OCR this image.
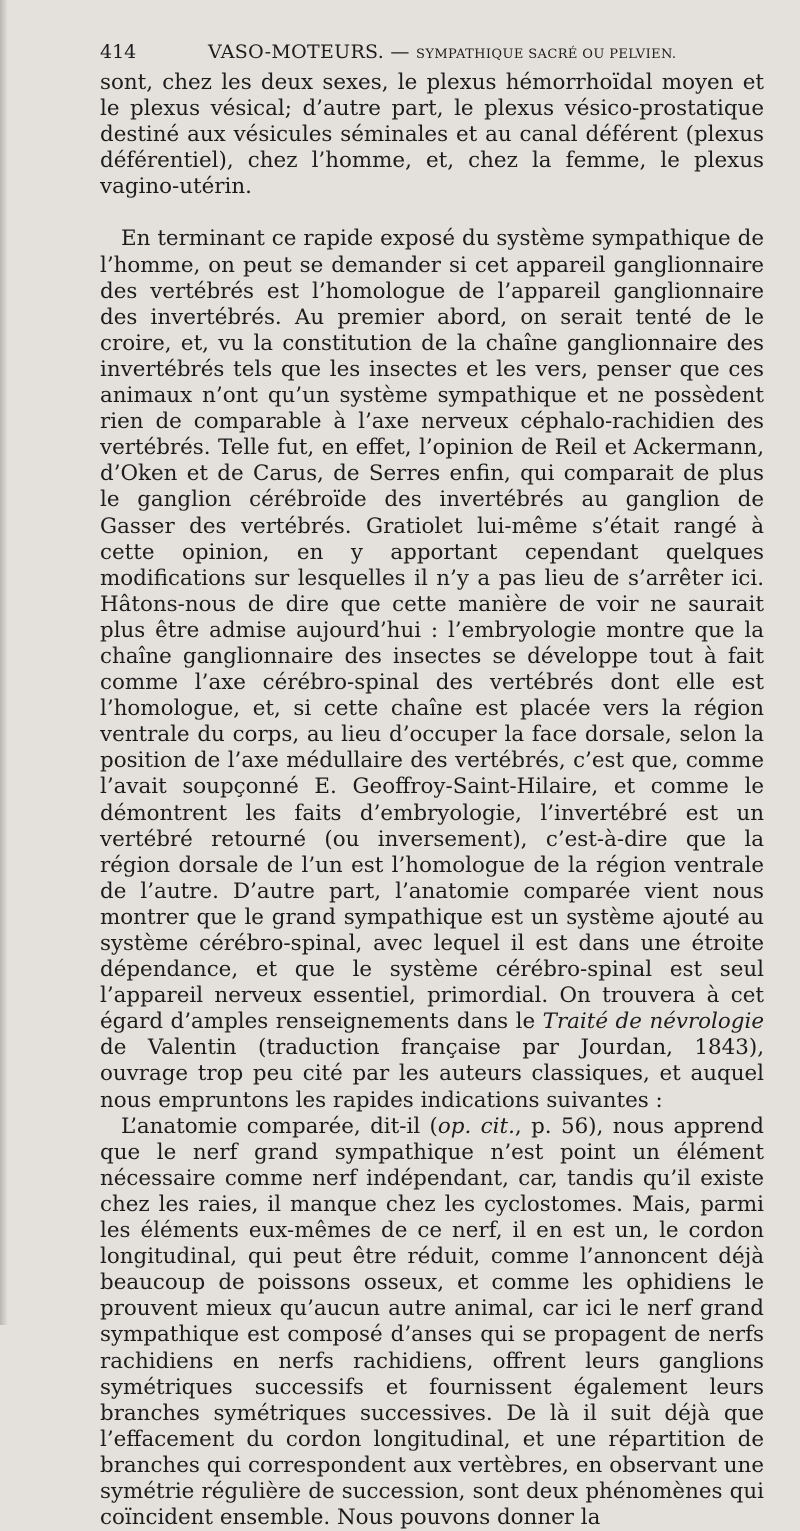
414	VASO-MOTEURS. — SYMPATHIQUE SACRÉ OU PELVIEN.

sont, chez les deux sexes, le plexus hémorrhoïdal moyen et le plexus vésical; d’autre part, le plexus vésico-prostatique destiné aux vésicules séminales et au canal déférent (plexus déférentiel), chez l’homme, et, chez la femme, le plexus vagino-utérin.

En terminant ce rapide exposé du système sympathique de l’homme, on peut se demander si cet appareil ganglionnaire des vertébrés est l’homologue de l’appareil ganglionnaire des invertébrés. Au premier abord, on serait tenté de le croire, et, vu la constitution de la chaîne ganglionnaire des invertébrés tels que les insectes et les vers, penser que ces animaux n’ont qu’un système sympathique et ne possèdent rien de comparable à l’axe nerveux céphalo-rachidien des vertébrés. Telle fut, en effet, l’opinion de Reil et Ackermann, d’Oken et de Carus, de Serres enfin, qui comparait de plus le ganglion cérébroïde des invertébrés au ganglion de Gasser des vertébrés. Gratiolet lui-même s’était rangé à cette opinion, en y apportant cependant quelques modifications sur lesquelles il n’y a pas lieu de s’arrêter ici. Hâtons-nous de dire que cette manière de voir ne saurait plus être admise aujourd’hui : l’embryologie montre que la chaîne ganglionnaire des insectes se développe tout à fait comme l’axe cérébro-spinal des vertébrés dont elle est l’homologue, et, si cette chaîne est placée vers la région ventrale du corps, au lieu d’occuper la face dorsale, selon la position de l’axe médullaire des vertébrés, c’est que, comme l’avait soupçonné E. Geoffroy-Saint-Hilaire, et comme le démontrent les faits d’embryologie, l’invertébré est un vertébré retourné (ou inversement), c’est-à-dire que la région dorsale de l’un est l’homologue de la région ventrale de l’autre. D’autre part, l’anatomie comparée vient nous montrer que le grand sympathique est un système ajouté au système cérébro-spinal, avec lequel il est dans une étroite dépendance, et que le système cérébro-spinal est seul l’appareil nerveux essentiel, primordial. On trouvera à cet égard d’amples renseignements dans le Traité de névrologie de Valentin (traduction française par Jourdan, 1843), ouvrage trop peu cité par les auteurs classiques, et auquel nous empruntons les rapides indications suivantes :

L’anatomie comparée, dit-il (op. cit., p. 56), nous apprend que le nerf grand sympathique n’est point un élément nécessaire comme nerf indépendant, car, tandis qu’il existe chez les raies, il manque chez les cyclostomes. Mais, parmi les éléments eux-mêmes de ce nerf, il en est un, le cordon longitudinal, qui peut être réduit, comme l’annoncent déjà beaucoup de poissons osseux, et comme les ophidiens le prouvent mieux qu’aucun autre animal, car ici le nerf grand sympathique est composé d’anses qui se propagent de nerfs rachidiens en nerfs rachidiens, offrent leurs ganglions symétriques successifs et fournissent également leurs branches symétriques successives. De là il suit déjà que l’effacement du cordon longitudinal, et une répartition de branches qui correspondent aux vertèbres, en observant une symétrie régulière de succession, sont deux phénomènes qui coïncident ensemble. Nous pouvons donner la
